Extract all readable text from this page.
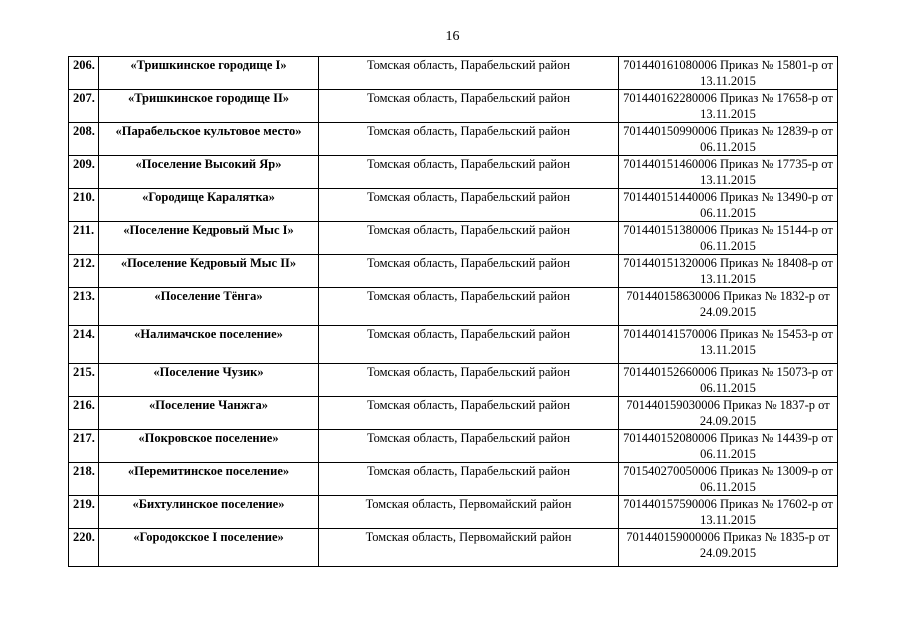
16
206.	«Тришкинское городище I»	Томская область, Парабельский район	701440161080006 Приказ № 15801-р от 13.11.2015
207.	«Тришкинское городище II»	Томская область, Парабельский район	701440162280006 Приказ № 17658-р от 13.11.2015
208.	«Парабельское культовое место»	Томская область, Парабельский район	701440150990006 Приказ № 12839-р от 06.11.2015
209.	«Поселение Высокий Яр»	Томская область, Парабельский район	701440151460006 Приказ № 17735-р от 13.11.2015
210.	«Городище Каралятка»	Томская область, Парабельский район	701440151440006 Приказ № 13490-р от 06.11.2015
211.	«Поселение Кедровый Мыс I»	Томская область, Парабельский район	701440151380006 Приказ № 15144-р от 06.11.2015
212.	«Поселение Кедровый Мыс II»	Томская область, Парабельский район	701440151320006 Приказ № 18408-р от 13.11.2015
213.	«Поселение Тёнга»	Томская область, Парабельский район	701440158630006 Приказ № 1832-р от 24.09.2015
214.	«Налимачское поселение»	Томская область, Парабельский район	701440141570006 Приказ № 15453-р от 13.11.2015
215.	«Поселение Чузик»	Томская область, Парабельский район	701440152660006 Приказ № 15073-р от 06.11.2015
216.	«Поселение Чанжга»	Томская область, Парабельский район	701440159030006 Приказ № 1837-р от 24.09.2015
217.	«Покровское поселение»	Томская область, Парабельский район	701440152080006 Приказ № 14439-р от 06.11.2015
218.	«Перемитинское поселение»	Томская область, Парабельский район	701540270050006 Приказ № 13009-р от 06.11.2015
219.	«Бихтулинское поселение»	Томская область, Первомайский район	701440157590006 Приказ № 17602-р от 13.11.2015
220.	«Городокское I поселение»	Томская область, Первомайский район	701440159000006 Приказ № 1835-р от 24.09.2015
